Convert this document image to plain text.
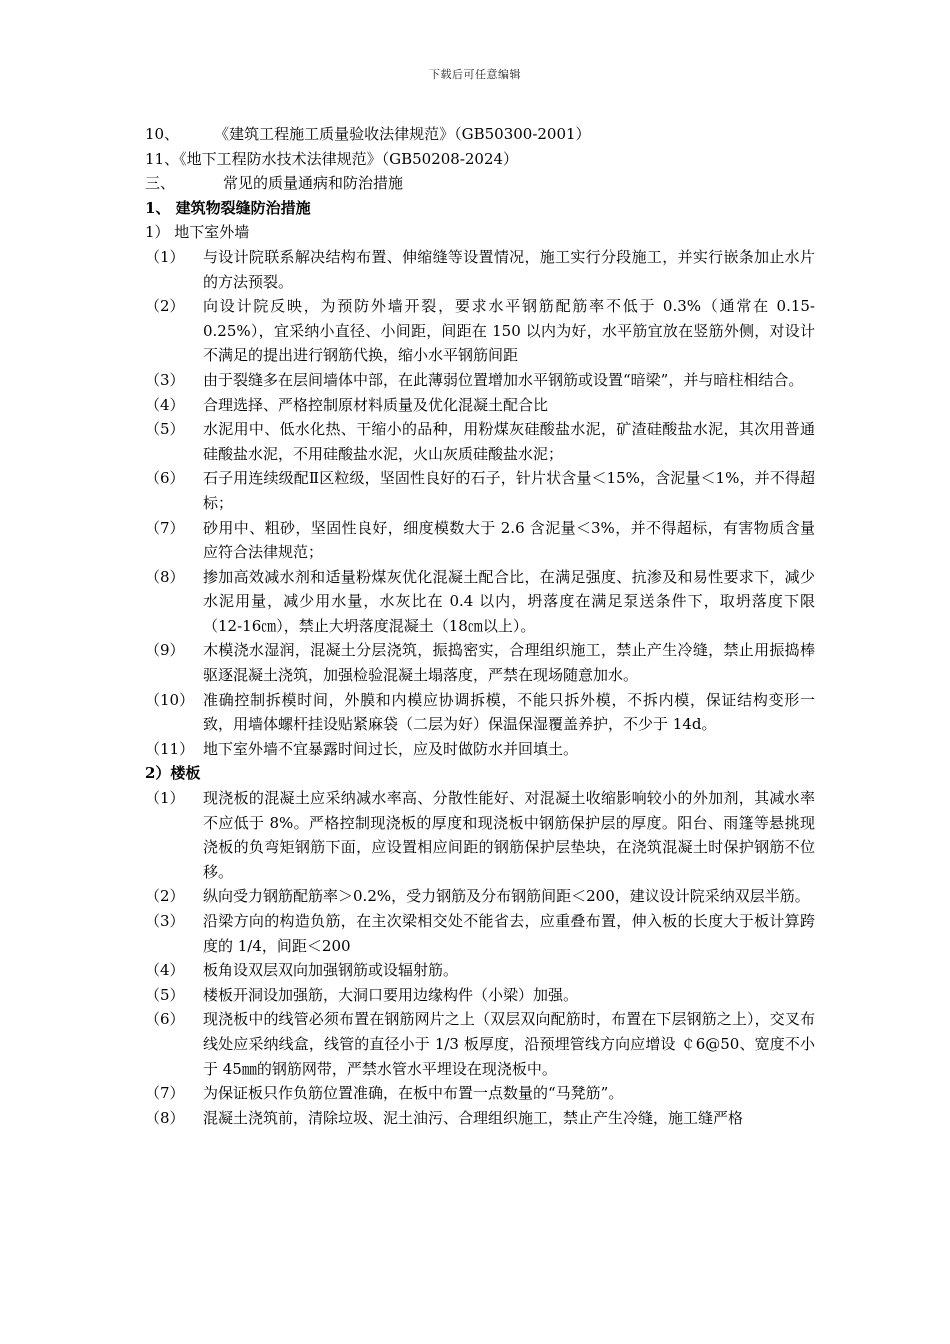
下载后可任意编辑
10、 《建筑工程施工质量验收法律规范》（GB50300-2001）
11、《地下工程防水技术法律规范》（GB50208-2024）
三、	常见的质量通病和防治措施
1、 建筑物裂缝防治措施
1） 地下室外墙
（1）	与设计院联系解决结构布置、伸缩缝等设置情况，施工实行分段施工，并实行嵌条加止水片的方法预裂。
（2）	向设计院反映，为预防外墙开裂，要求水平钢筋配筋率不低于 0.3%（通常在 0.15-0.25%），宜采纳小直径、小间距，间距在 150 以内为好，水平筋宜放在竖筋外侧，对设计不满足的提出进行钢筋代换，缩小水平钢筋间距
（3）	由于裂缝多在层间墙体中部，在此薄弱位置增加水平钢筋或设置“暗梁”，并与暗柱相结合。
（4）	合理选择、严格控制原材料质量及优化混凝土配合比
（5）	水泥用中、低水化热、干缩小的品种，用粉煤灰硅酸盐水泥，矿渣硅酸盐水泥，其次用普通硅酸盐水泥，不用硅酸盐水泥，火山灰质硅酸盐水泥；
（6）	石子用连续级配Ⅱ区粒级，坚固性良好的石子，针片状含量＜15%，含泥量＜1%，并不得超标；
（7）	砂用中、粗砂，坚固性良好，细度模数大于 2.6 含泥量＜3%，并不得超标，有害物质含量应符合法律规范；
（8）	掺加高效减水剂和适量粉煤灰优化混凝土配合比，在满足强度、抗渗及和易性要求下，减少水泥用量，减少用水量，水灰比在 0.4 以内，坍落度在满足泵送条件下，取坍落度下限（12-16㎝），禁止大坍落度混凝土（18㎝以上）。
（9）	木模浇水湿润，混凝土分层浇筑，振捣密实，合理组织施工，禁止产生冷缝，禁止用振捣棒驱逐混凝土浇筑，加强检验混凝土塌落度，严禁在现场随意加水。
（10） 准确控制拆模时间，外膜和内模应协调拆模，不能只拆外模，不拆内模，保证结构变形一致，用墙体螺杆挂设贴紧麻袋（二层为好）保温保湿覆盖养护，不少于 14d。
（11） 地下室外墙不宜暴露时间过长，应及时做防水并回填土。
2）楼板
（1）	现浇板的混凝土应采纳减水率高、分散性能好、对混凝土收缩影响较小的外加剂，其减水率不应低于 8%。严格控制现浇板的厚度和现浇板中钢筋保护层的厚度。阳台、雨篷等悬挑现浇板的负弯矩钢筋下面，应设置相应间距的钢筋保护层垫块，在浇筑混凝土时保护钢筋不位移。
（2）	纵向受力钢筋配筋率＞0.2%，受力钢筋及分布钢筋间距＜200，建议设计院采纳双层半筋。
（3）	沿梁方向的构造负筋，在主次梁相交处不能省去，应重叠布置，伸入板的长度大于板计算跨度的 1/4，间距＜200
（4）	板角设双层双向加强钢筋或设辐射筋。
（5）	楼板开洞设加强筋，大洞口要用边缘构件（小梁）加强。
（6）	现浇板中的线管必须布置在钢筋网片之上（双层双向配筋时，布置在下层钢筋之上），交叉布线处应采纳线盒，线管的直径小于 1/3 板厚度，沿预埋管线方向应增设 ￠6@50、宽度不小于 45㎜的钢筋网带，严禁水管水平埋设在现浇板中。
（7）	为保证板只作负筋位置准确，在板中布置一点数量的“马凳筋”。
（8）	混凝土浇筑前，清除垃圾、泥土油污、合理组织施工，禁止产生冷缝，施工缝严格
